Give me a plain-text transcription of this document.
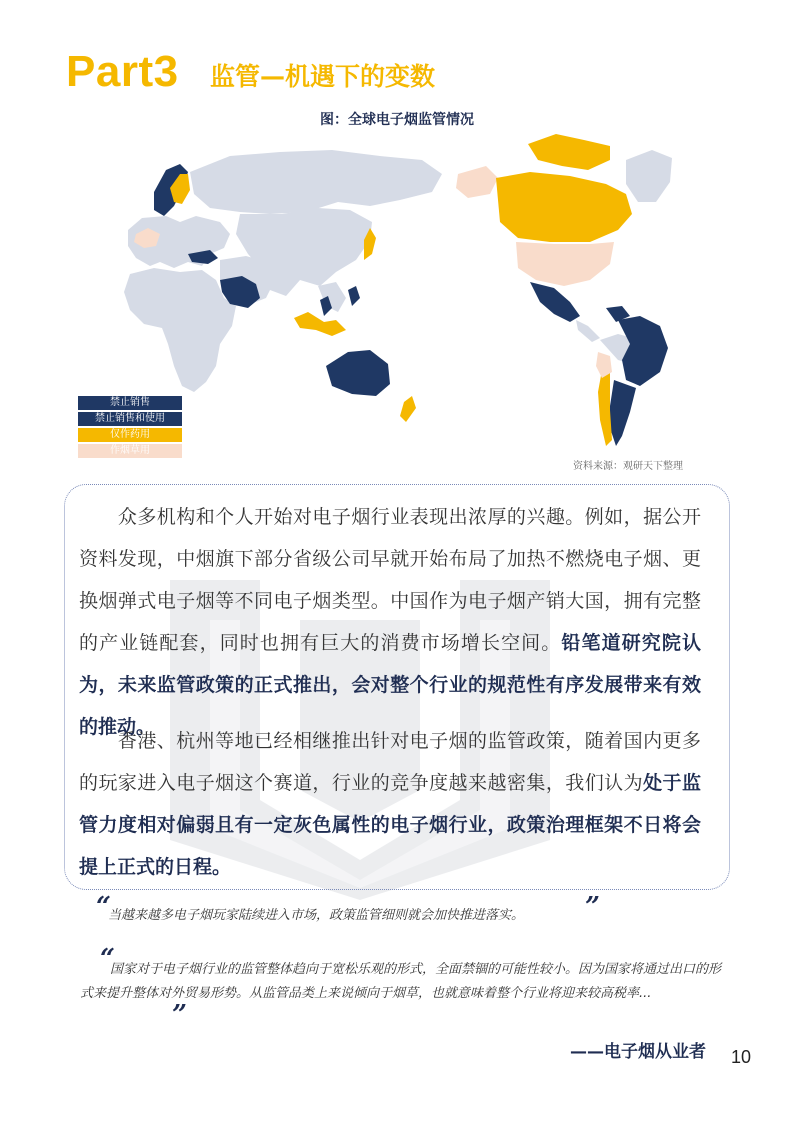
Part3 监管—机遇下的变数
图：全球电子烟监管情况
禁止销售
禁止销售和使用
仅作药用
作烟草用
资料来源：观研天下整理

　　众多机构和个人开始对电子烟行业表现出浓厚的兴趣。例如，据公开资料发现，中烟旗下部分省级公司早就开始布局了加热不燃烧电子烟、更换烟弹式电子烟等不同电子烟类型。中国作为电子烟产销大国，拥有完整的产业链配套，同时也拥有巨大的消费市场增长空间。铅笔道研究院认为，未来监管政策的正式推出，会对整个行业的规范性有序发展带来有效的推动。

　　香港、杭州等地已经相继推出针对电子烟的监管政策，随着国内更多的玩家进入电子烟这个赛道，行业的竞争度越来越密集，我们认为处于监管力度相对偏弱且有一定灰色属性的电子烟行业，政策治理框架不日将会提上正式的日程。

“

当越来越多电子烟玩家陆续进入市场，政策监管细则就会加快推进落实。	”
“

国家对于电子烟行业的监管整体趋向于宽松乐观的形式，全面禁锢的可能性较小。因为国家将通过出口的形式来提升整体对外贸易形势。从监管品类上来说倾向于烟草，也就意味着整个行业将迎来较高税率...

”
——电子烟从业者 10
